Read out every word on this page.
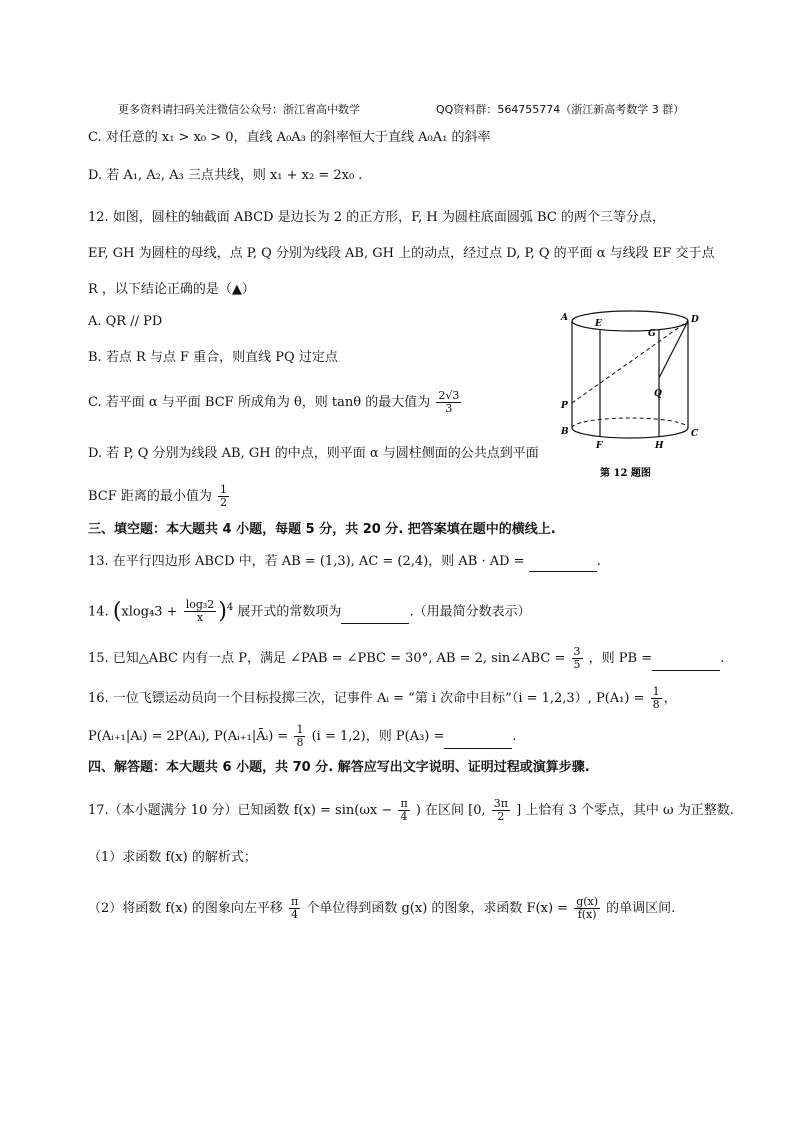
更多资料请扫码关注微信公众号：浙江省高中数学	QQ资料群：564755774（浙江新高考数学 3 群）
C. 对任意的 x₁ > x₀ > 0，直线 A₀A₃ 的斜率恒大于直线 A₀A₁ 的斜率
D. 若 A₁, A₂, A₃ 三点共线，则 x₁ + x₂ = 2x₀ .
12. 如图，圆柱的轴截面 ABCD 是边长为 2 的正方形，F, H 为圆柱底面圆弧 BC 的两个三等分点，
EF, GH 为圆柱的母线，点 P, Q 分别为线段 AB, GH 上的动点，经过点 D, P, Q 的平面 α 与线段 EF 交于点
R ，以下结论正确的是（▲）
A. QR // PD
B. 若点 R 与点 F 重合，则直线 PQ 过定点
C. 若平面 α 与平面 BCF 所成角为 θ，则 tanθ 的最大值为 $\frac{2√3}{3}$
D. 若 P, Q 分别为线段 AB, GH 的中点，则平面 α 与圆柱侧面的公共点到平面
BCF 距离的最小值为 $\frac{1}{2}$
A
E
G
D
Q
P
B
F	H
C
第 12 题图
三、填空题：本大题共 4 小题，每题 5 分，共 20 分. 把答案填在题中的横线上.
13. 在平行四边形 ABCD 中，若 AB = (1,3), AC = (2,4)，则 AB · AD =	.
14. $(xlog_43 + \frac{\text{log₃2}}{x} )^4$ 展开式的常数项为	.（用最简分数表示）
15. 已知△ABC 内有一点 P，满足 ∠PAB = ∠PBC = 30°, AB = 2, sin∠ABC = $\frac{3}{5}$ ，则 PB =	.
16. 一位飞镖运动员向一个目标投掷三次，记事件 Aᵢ = “第 i 次命中目标”（i = 1,2,3）, $P(A_1) = \frac{1}{8}$ ，
P(Aᵢ₊₁|Aᵢ) = 2P(Aᵢ), P(Aᵢ₊₁|Āᵢ) = $\frac{1}{8} (i = 1,2)$，则 P(A₃) =	.
四、解答题：本大题共 6 小题，共 70 分. 解答应写出文字说明、证明过程或演算步骤.
17.（本小题满分 10 分）已知函数 $f(x) = \sin(\omega x - \frac{\pi}{4}$ ) 在区间 [0, $\frac{3\pi}{2}$ ] 上恰有 3 个零点，其中 ω 为正整数.
（1）求函数 f(x) 的解析式；
（2）将函数 f(x) 的图象向左平移 $\frac{\pi}{4}$ 个单位得到函数 g(x) 的图象，求函数 $F(x) = \frac{g(x)}{f(x)}$ 的单调区间.
